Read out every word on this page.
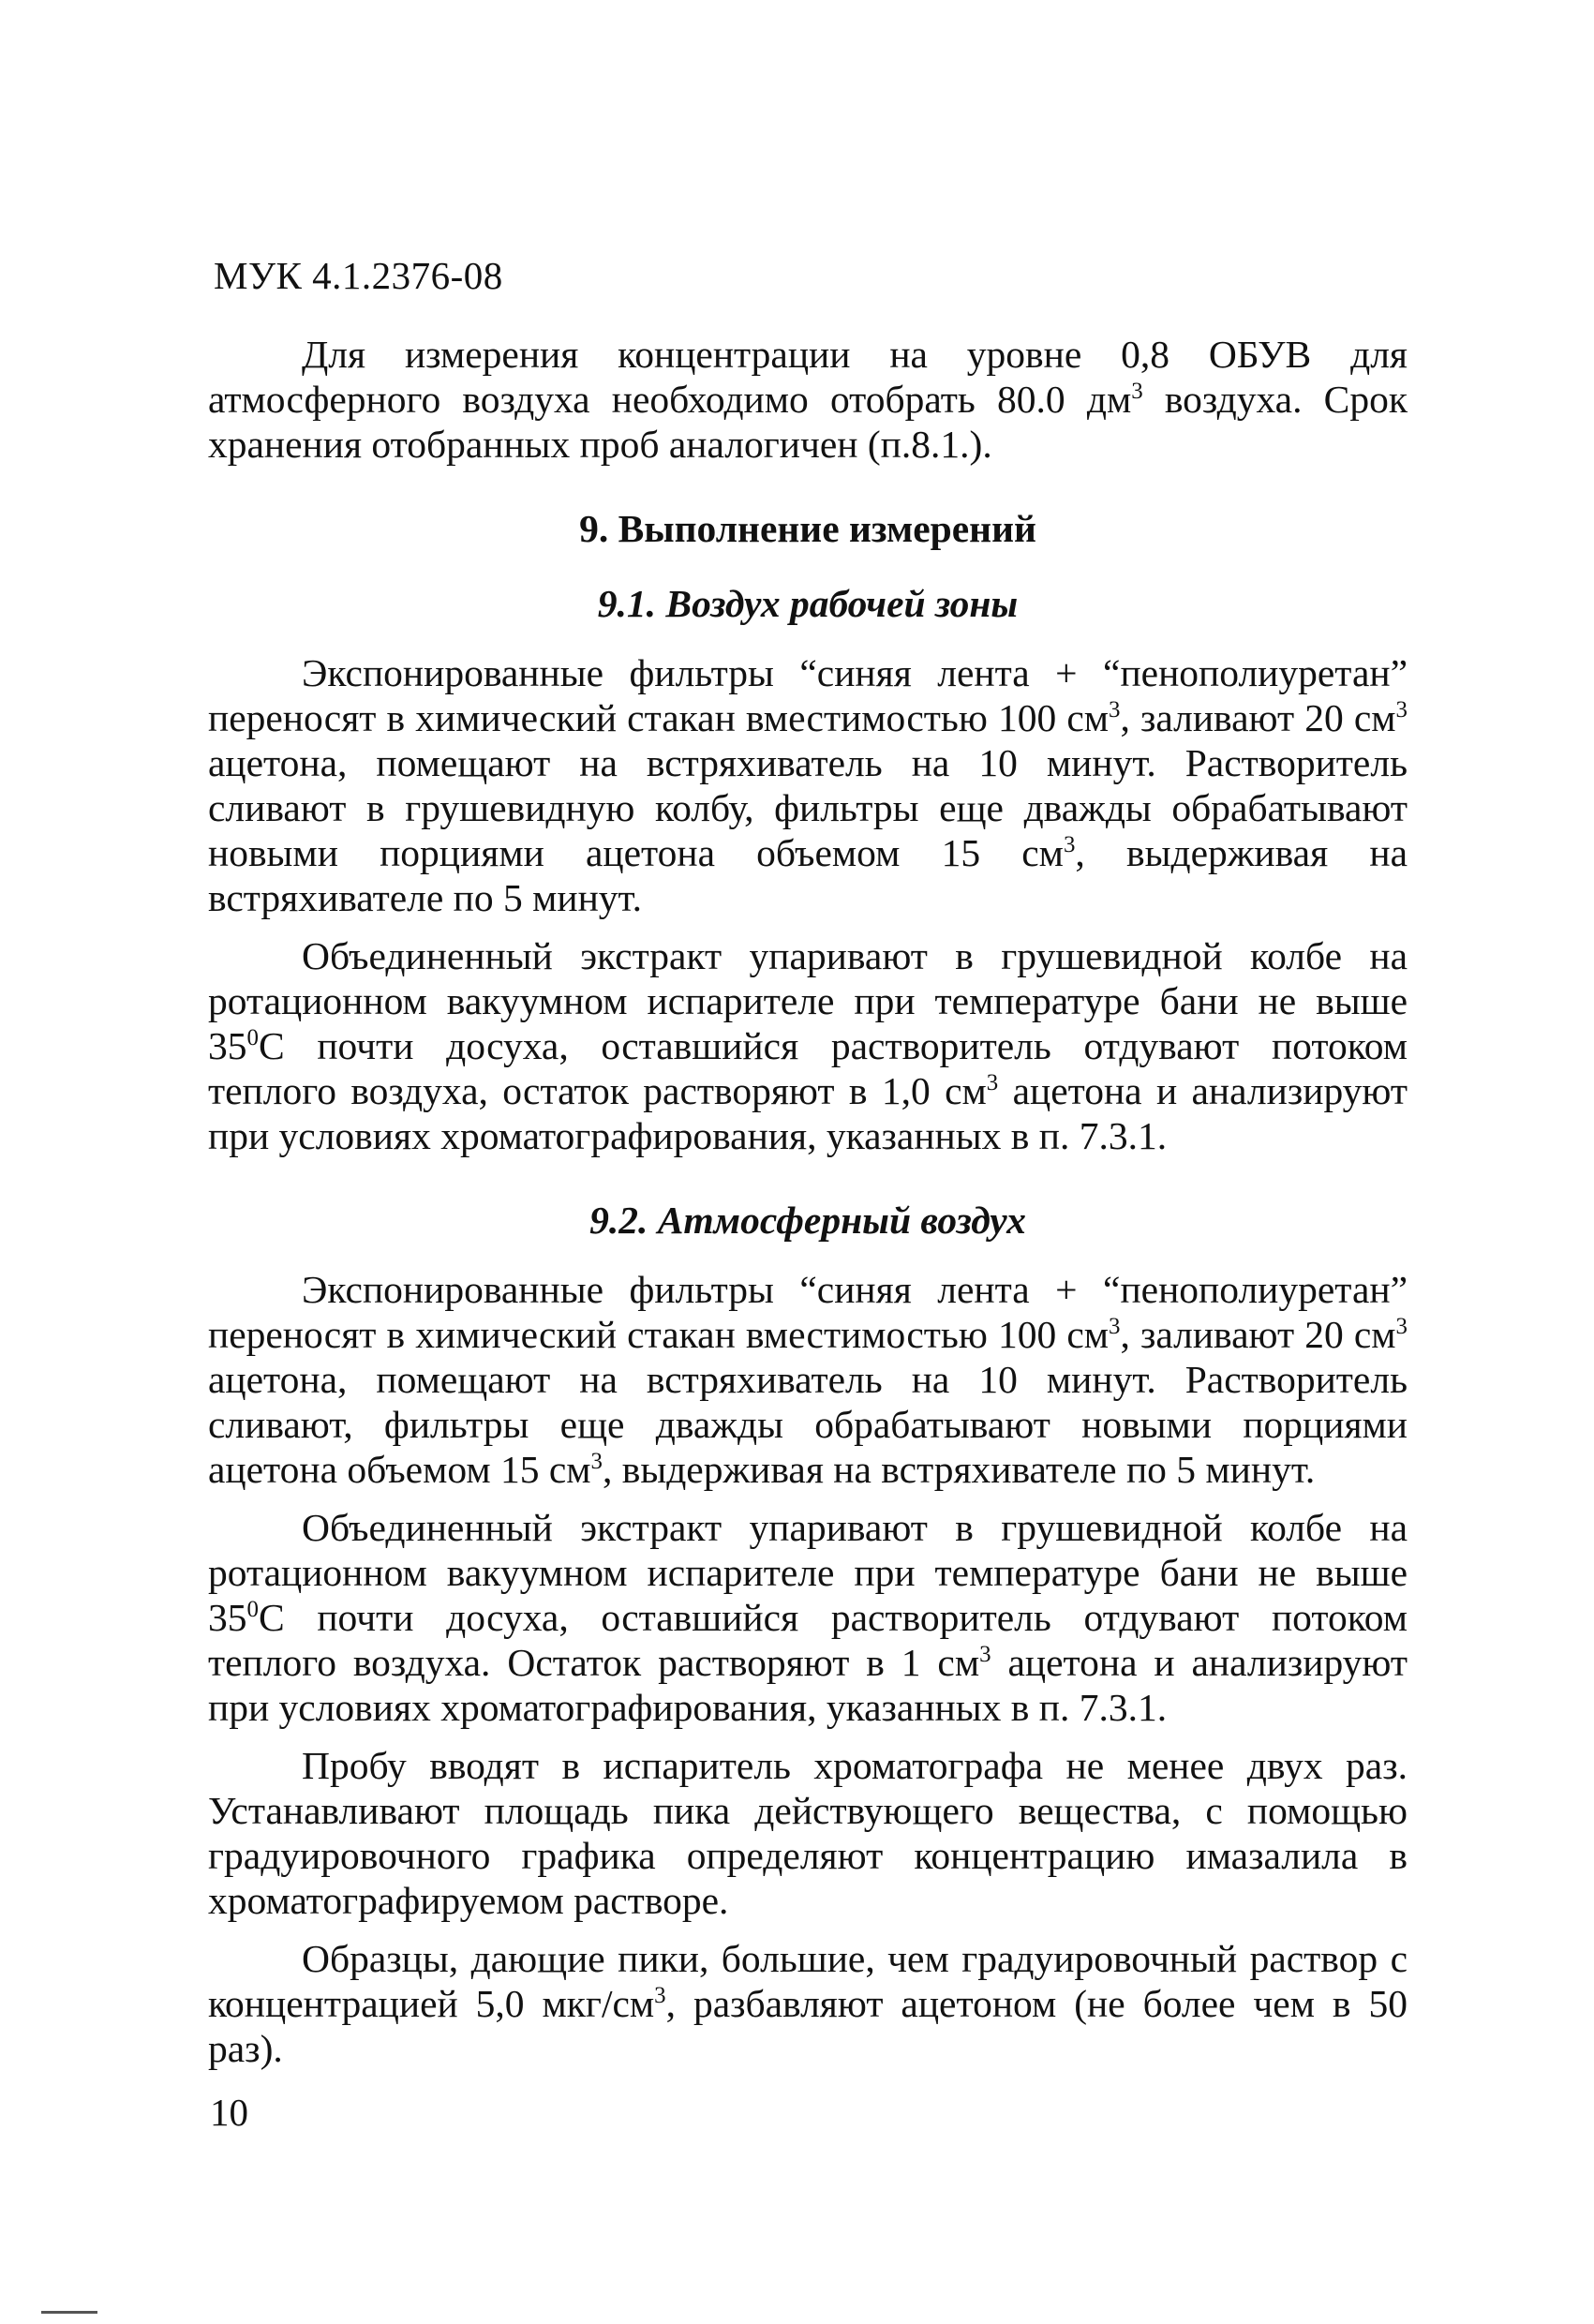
МУК 4.1.2376-08

Для измерения концентрации на уровне 0,8 ОБУВ для атмосферного воздуха необходимо отобрать 80.0 $дм^3$ воздуха. Срок хранения отобранных проб аналогичен (п.8.1.).

9. Выполнение измерений
9.1. Воздух рабочей зоны

Экспонированные фильтры “синяя лента + “пенополиуретан” переносят в химический стакан вместимостью 100 $см^3$, заливают 20 $см^3$ ацетона, помещают на встряхиватель на 10 минут. Растворитель сливают в грушевидную колбу, фильтры еще дважды обрабатывают новыми порциями ацетона объемом 15 $см^3$, выдерживая на встряхивателе по 5 минут.

Объединенный экстракт упаривают в грушевидной колбе на ротационном вакуумном испарителе при температуре бани не выше $35^0С$ почти досуха, оставшийся растворитель отдувают потоком теплого воздуха, остаток растворяют в 1,0 $см^3$ ацетона и анализируют при условиях хроматографирования, указанных в п. 7.3.1.

9.2. Атмосферный воздух

Экспонированные фильтры “синяя лента + “пенополиуретан” переносят в химический стакан вместимостью 100 $см^3$, заливают 20 $см^3$ ацетона, помещают на встряхиватель на 10 минут. Растворитель сливают, фильтры еще дважды обрабатывают новыми порциями ацетона объемом 15 $см^3$, выдерживая на встряхивателе по 5 минут.

Объединенный экстракт упаривают в грушевидной колбе на ротационном вакуумном испарителе при температуре бани не выше $35^0С$ почти досуха, оставшийся растворитель отдувают потоком теплого воздуха. Остаток растворяют в 1 $см^3$ ацетона и анализируют при условиях хроматографирования, указанных в п. 7.3.1.

Пробу вводят в испаритель хроматографа не менее двух раз. Устанавливают площадь пика действующего вещества, с помощью градуировочного графика определяют концентрацию имазалила в хроматографируемом растворе.

Образцы, дающие пики, большие, чем градуировочный раствор с концентрацией 5,0 мкг/$см^3$, разбавляют ацетоном (не более чем в 50 раз).

10
